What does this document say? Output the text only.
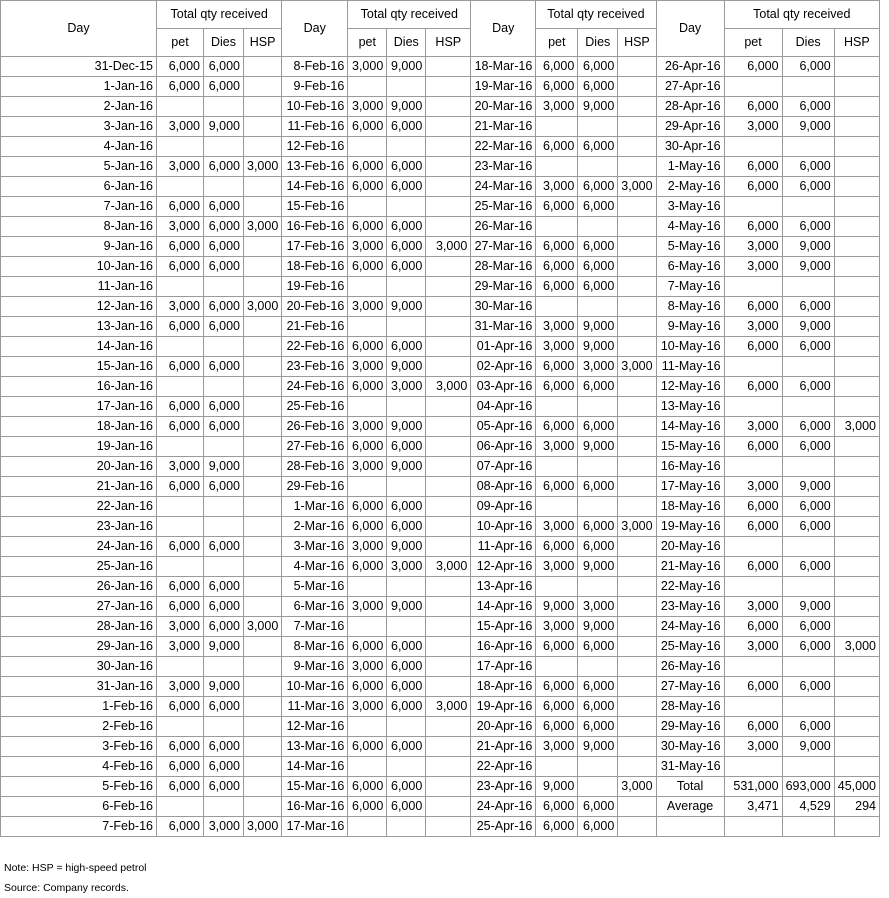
Day	Total qty received			Day	Total qty received			Day	Total qty received			Day	Total qty received		
	pet	Dies	HSP		pet	Dies	HSP		pet	Dies	HSP		pet	Dies	HSP
31-Dec-15	6,000	6,000		8-Feb-16	3,000	9,000		18-Mar-16	6,000	6,000		26-Apr-16	6,000	6,000	
1-Jan-16	6,000	6,000		9-Feb-16				19-Mar-16	6,000	6,000		27-Apr-16			
2-Jan-16				10-Feb-16	3,000	9,000		20-Mar-16	3,000	9,000		28-Apr-16	6,000	6,000	
3-Jan-16	3,000	9,000		11-Feb-16	6,000	6,000		21-Mar-16				29-Apr-16	3,000	9,000	
4-Jan-16				12-Feb-16				22-Mar-16	6,000	6,000		30-Apr-16			
5-Jan-16	3,000	6,000	3,000	13-Feb-16	6,000	6,000		23-Mar-16				1-May-16	6,000	6,000	
6-Jan-16				14-Feb-16	6,000	6,000		24-Mar-16	3,000	6,000	3,000	2-May-16	6,000	6,000	
7-Jan-16	6,000	6,000		15-Feb-16				25-Mar-16	6,000	6,000		3-May-16			
8-Jan-16	3,000	6,000	3,000	16-Feb-16	6,000	6,000		26-Mar-16				4-May-16	6,000	6,000	
9-Jan-16	6,000	6,000		17-Feb-16	3,000	6,000	3,000	27-Mar-16	6,000	6,000		5-May-16	3,000	9,000	
10-Jan-16	6,000	6,000		18-Feb-16	6,000	6,000		28-Mar-16	6,000	6,000		6-May-16	3,000	9,000	
11-Jan-16				19-Feb-16				29-Mar-16	6,000	6,000		7-May-16			
12-Jan-16	3,000	6,000	3,000	20-Feb-16	3,000	9,000		30-Mar-16				8-May-16	6,000	6,000	
13-Jan-16	6,000	6,000		21-Feb-16				31-Mar-16	3,000	9,000		9-May-16	3,000	9,000	
14-Jan-16				22-Feb-16	6,000	6,000		01-Apr-16	3,000	9,000		10-May-16	6,000	6,000	
15-Jan-16	6,000	6,000		23-Feb-16	3,000	9,000		02-Apr-16	6,000	3,000	3,000	11-May-16			
16-Jan-16				24-Feb-16	6,000	3,000	3,000	03-Apr-16	6,000	6,000		12-May-16	6,000	6,000	
17-Jan-16	6,000	6,000		25-Feb-16				04-Apr-16				13-May-16			
18-Jan-16	6,000	6,000		26-Feb-16	3,000	9,000		05-Apr-16	6,000	6,000		14-May-16	3,000	6,000	3,000
19-Jan-16				27-Feb-16	6,000	6,000		06-Apr-16	3,000	9,000		15-May-16	6,000	6,000	
20-Jan-16	3,000	9,000		28-Feb-16	3,000	9,000		07-Apr-16				16-May-16			
21-Jan-16	6,000	6,000		29-Feb-16				08-Apr-16	6,000	6,000		17-May-16	3,000	9,000	
22-Jan-16				1-Mar-16	6,000	6,000		09-Apr-16				18-May-16	6,000	6,000	
23-Jan-16				2-Mar-16	6,000	6,000		10-Apr-16	3,000	6,000	3,000	19-May-16	6,000	6,000	
24-Jan-16	6,000	6,000		3-Mar-16	3,000	9,000		11-Apr-16	6,000	6,000		20-May-16			
25-Jan-16				4-Mar-16	6,000	3,000	3,000	12-Apr-16	3,000	9,000		21-May-16	6,000	6,000	
26-Jan-16	6,000	6,000		5-Mar-16				13-Apr-16				22-May-16			
27-Jan-16	6,000	6,000		6-Mar-16	3,000	9,000		14-Apr-16	9,000	3,000		23-May-16	3,000	9,000	
28-Jan-16	3,000	6,000	3,000	7-Mar-16				15-Apr-16	3,000	9,000		24-May-16	6,000	6,000	
29-Jan-16	3,000	9,000		8-Mar-16	6,000	6,000		16-Apr-16	6,000	6,000		25-May-16	3,000	6,000	3,000
30-Jan-16				9-Mar-16	3,000	6,000		17-Apr-16				26-May-16			
31-Jan-16	3,000	9,000		10-Mar-16	6,000	6,000		18-Apr-16	6,000	6,000		27-May-16	6,000	6,000	
1-Feb-16	6,000	6,000		11-Mar-16	3,000	6,000	3,000	19-Apr-16	6,000	6,000		28-May-16			
2-Feb-16				12-Mar-16				20-Apr-16	6,000	6,000		29-May-16	6,000	6,000	
3-Feb-16	6,000	6,000		13-Mar-16	6,000	6,000		21-Apr-16	3,000	9,000		30-May-16	3,000	9,000	
4-Feb-16	6,000	6,000		14-Mar-16				22-Apr-16				31-May-16			
5-Feb-16	6,000	6,000		15-Mar-16	6,000	6,000		23-Apr-16	9,000		3,000	Total	531,000	693,000	45,000
6-Feb-16				16-Mar-16	6,000	6,000		24-Apr-16	6,000	6,000		Average	3,471	4,529	294
7-Feb-16	6,000	3,000	3,000	17-Mar-16				25-Apr-16	6,000	6,000					
Note: HSP = high-speed petrol
Source: Company records.
